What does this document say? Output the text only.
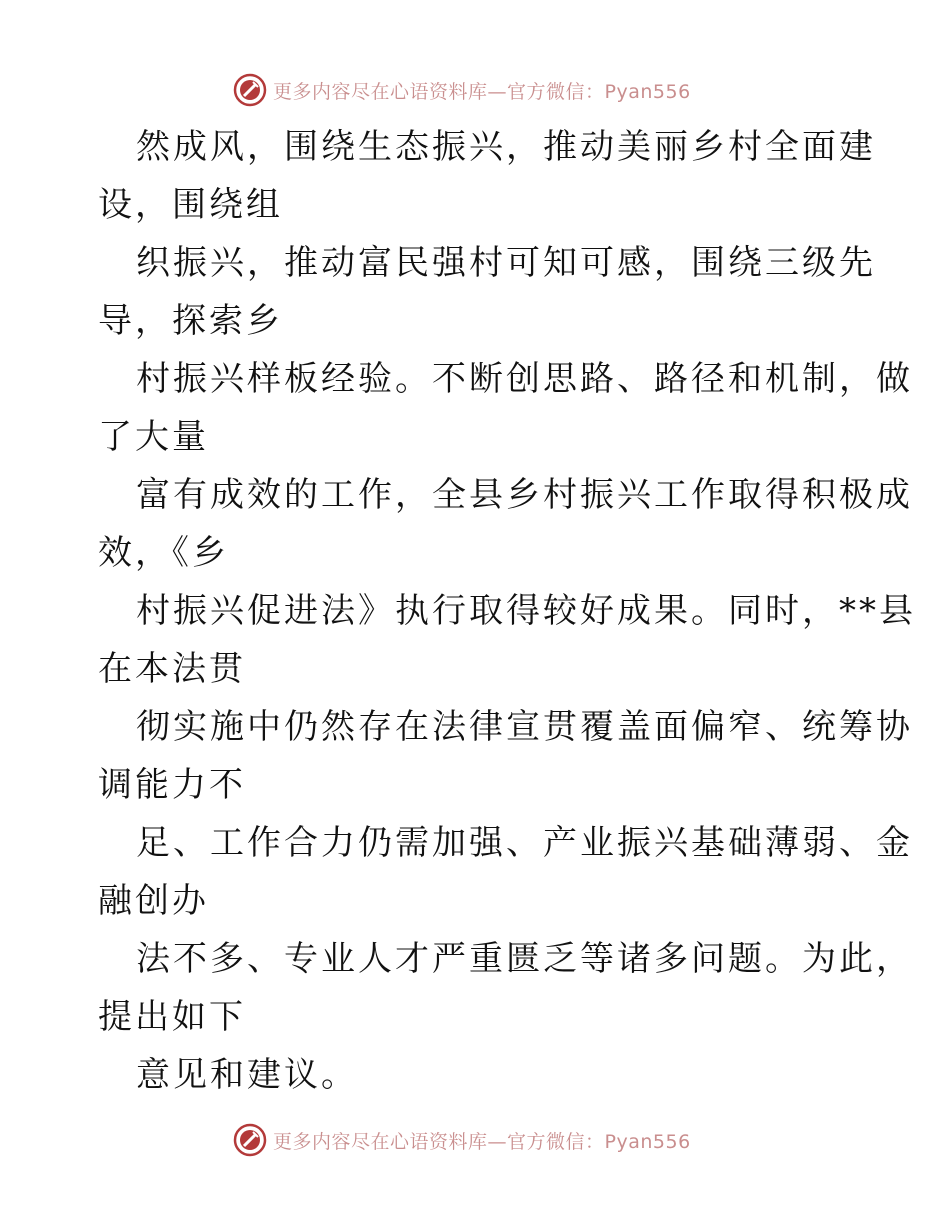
更多内容尽在心语资料库—官方微信：Pyan556
然成风，围绕生态振兴，推动美丽乡村全面建
设，围绕组
织振兴，推动富民强村可知可感，围绕三级先
导，探索乡
村振兴样板经验。不断创思路、路径和机制，做
了大量
富有成效的工作，全县乡村振兴工作取得积极成
效，《乡
村振兴促进法》执行取得较好成果。同时，**县
在本法贯
彻实施中仍然存在法律宣贯覆盖面偏窄、统筹协
调能力不
足、工作合力仍需加强、产业振兴基础薄弱、金
融创办
法不多、专业人才严重匮乏等诸多问题。为此，
提出如下
意见和建议。
更多内容尽在心语资料库—官方微信：Pyan556
